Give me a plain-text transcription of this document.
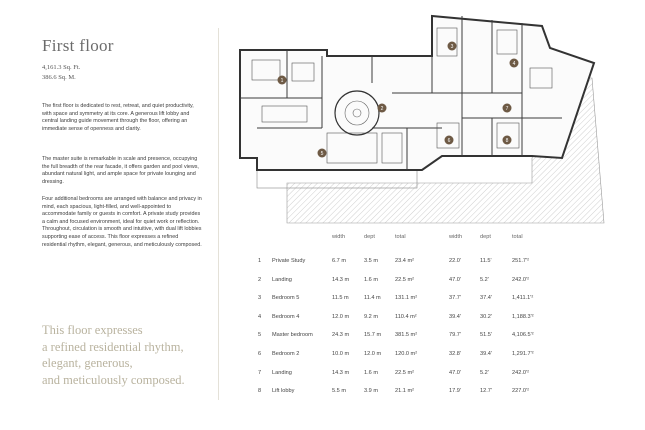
First floor
4,161.3 Sq. Ft.
386.6 Sq. M.
The first floor is dedicated to rest, retreat, and quiet productivity, with space and symmetry at its core. A generous lift lobby and central landing guide movement through the floor, offering an immediate sense of openness and clarity.
The master suite is remarkable in scale and presence, occupying the full breadth of the rear facade, it offers garden and pool views, abundant natural light, and ample space for private lounging and dressing.
Four additional bedrooms are arranged with balance and privacy in mind, each spacious, light-filled, and well-appointed to accommodate family or guests in comfort. A private study provides a calm and focused environment, ideal for quiet work or reflection. Throughout, circulation is smooth and intuitive, with dual lift lobbies supporting ease of access. This floor expresses a refined residential rhythm, elegant, generous, and meticulously composed.
This floor expresses
a refined residential rhythm,
elegant, generous,
and meticulously composed.
1
2
3
4
5
6
7
8
width	dept	total	width	dept	total
1 Private Study	6.7 m	3.5 m	23.4 m²	22.0'	11.5'	251.7'²
2 Landing	14.3 m	1.6 m	22.5 m²	47.0'	5.2'	242.0'²
3 Bedroom 5	11.5 m	11.4 m	131.1 m²	37.7'	37.4'	1,411.1'²
4 Bedroom 4	12.0 m	9.2 m	110.4 m²	39.4'	30.2'	1,188.3'²
5 Master bedroom	24.3 m	15.7 m 381.5 m²	79.7'	51.5'	4,106.5'²
6 Bedroom 2	10.0 m	12.0 m 120.0 m²	32.8'	39.4'	1,291.7'²
7 Landing	14.3 m	1.6 m	22.5 m²	47.0'	5.2'	242.0'²
8 Lift lobby	5.5 m	3.9 m	21.1 m²	17.9'	12.7'	227.0'²
